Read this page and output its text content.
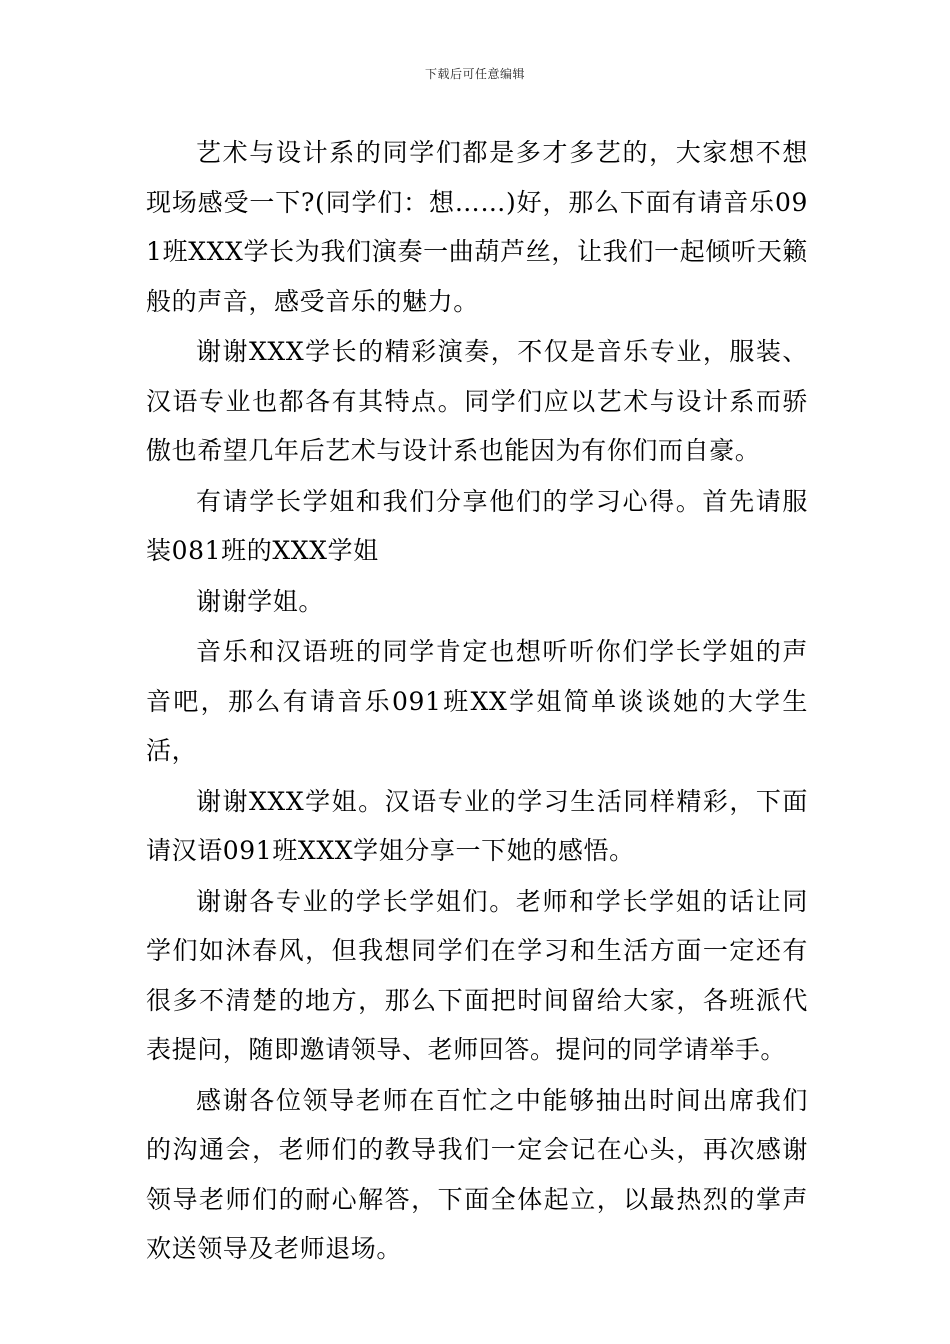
下载后可任意编辑

艺术与设计系的同学们都是多才多艺的，大家想不想现场感受一下?(同学们：想……)好，那么下面有请音乐091班XXX学长为我们演奏一曲葫芦丝，让我们一起倾听天籁般的声音，感受音乐的魅力。

谢谢XXX学长的精彩演奏，不仅是音乐专业，服装、汉语专业也都各有其特点。同学们应以艺术与设计系而骄傲也希望几年后艺术与设计系也能因为有你们而自豪。

有请学长学姐和我们分享他们的学习心得。首先请服装081班的XXX学姐

谢谢学姐。

音乐和汉语班的同学肯定也想听听你们学长学姐的声音吧，那么有请音乐091班XX学姐简单谈谈她的大学生活，

谢谢XXX学姐。汉语专业的学习生活同样精彩，下面请汉语091班XXX学姐分享一下她的感悟。

谢谢各专业的学长学姐们。老师和学长学姐的话让同学们如沐春风，但我想同学们在学习和生活方面一定还有很多不清楚的地方，那么下面把时间留给大家，各班派代表提问，随即邀请领导、老师回答。提问的同学请举手。

感谢各位领导老师在百忙之中能够抽出时间出席我们的沟通会，老师们的教导我们一定会记在心头，再次感谢领导老师们的耐心解答，下面全体起立，以最热烈的掌声欢送领导及老师退场。
